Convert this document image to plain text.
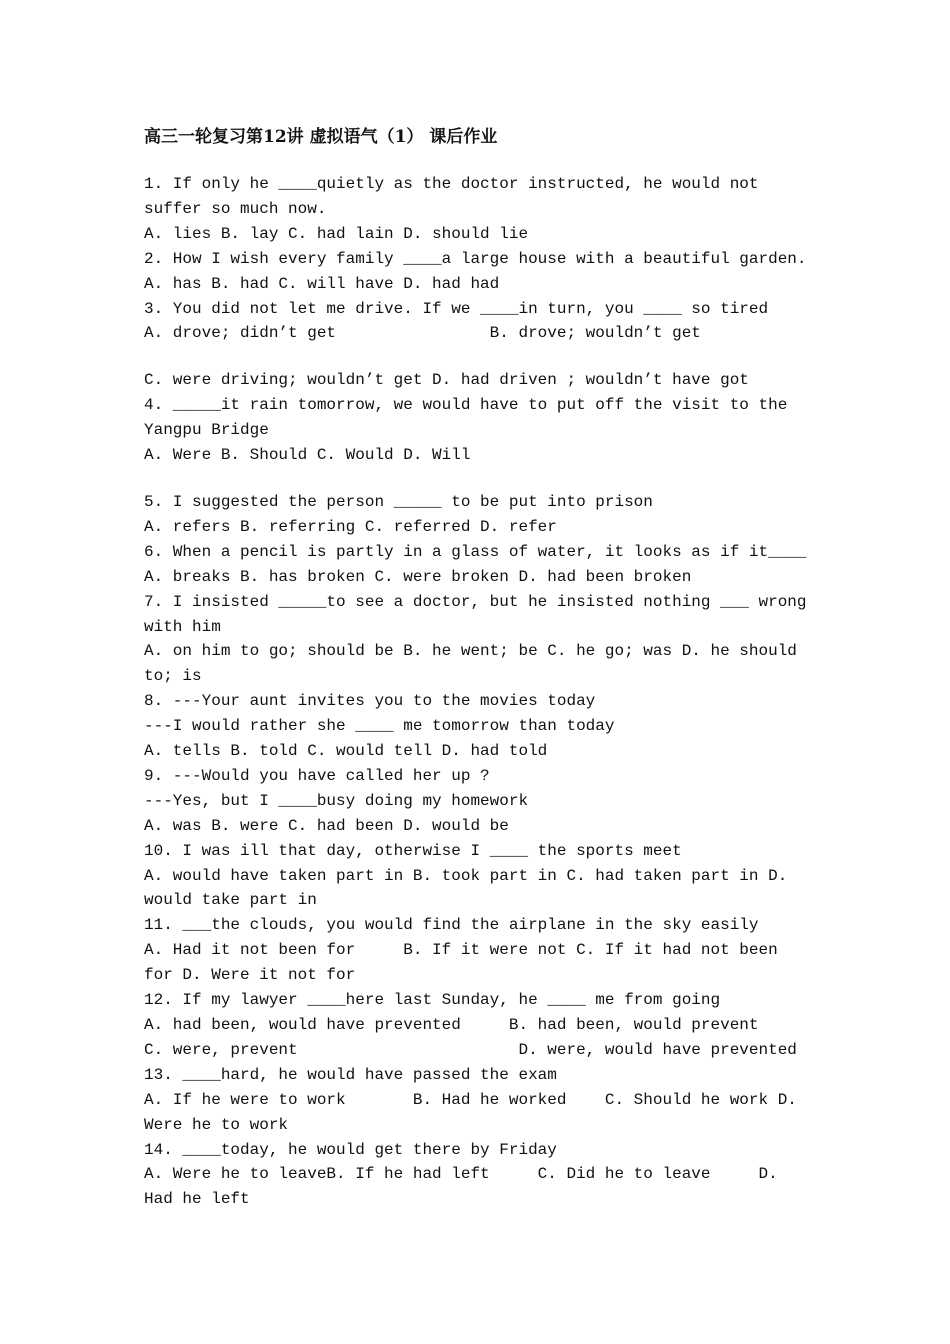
高三一轮复习第12讲 虚拟语气（1） 课后作业
1. If only he ____quietly as the doctor instructed, he would not
suffer so much now.
A. lies B. lay C. had lain D. should lie
2. How I wish every family ____a large house with a beautiful garden.
A. has B. had C. will have D. had had
3. You did not let me drive. If we ____in turn, you ____ so tired
A. drove; didn’t get                B. drove; wouldn’t get
C. were driving; wouldn’t get D. had driven ; wouldn’t have got
4. _____it rain tomorrow, we would have to put off the visit to the
Yangpu Bridge
A. Were B. Should C. Would D. Will
5. I suggested the person _____ to be put into prison
A. refers B. referring C. referred D. refer
6. When a pencil is partly in a glass of water, it looks as if it____
A. breaks B. has broken C. were broken D. had been broken
7. I insisted _____to see a doctor, but he insisted nothing ___ wrong
with him
A. on him to go; should be B. he went; be C. he go; was D. he should
to; is
8. ---Your aunt invites you to the movies today
---I would rather she ____ me tomorrow than today
A. tells B. told C. would tell D. had told
9. ---Would you have called her up ?
---Yes, but I ____busy doing my homework
A. was B. were C. had been D. would be
10. I was ill that day, otherwise I ____ the sports meet
A. would have taken part in B. took part in C. had taken part in D.
would take part in
11. ___the clouds, you would find the airplane in the sky easily
A. Had it not been for     B. If it were not C. If it had not been
for D. Were it not for
12. If my lawyer ____here last Sunday, he ____ me from going
A. had been, would have prevented     B. had been, would prevent
C. were, prevent                       D. were, would have prevented
13. ____hard, he would have passed the exam
A. If he were to work       B. Had he worked    C. Should he work D.
Were he to work
14. ____today, he would get there by Friday
A. Were he to leaveB. If he had left     C. Did he to leave     D.
Had he left
